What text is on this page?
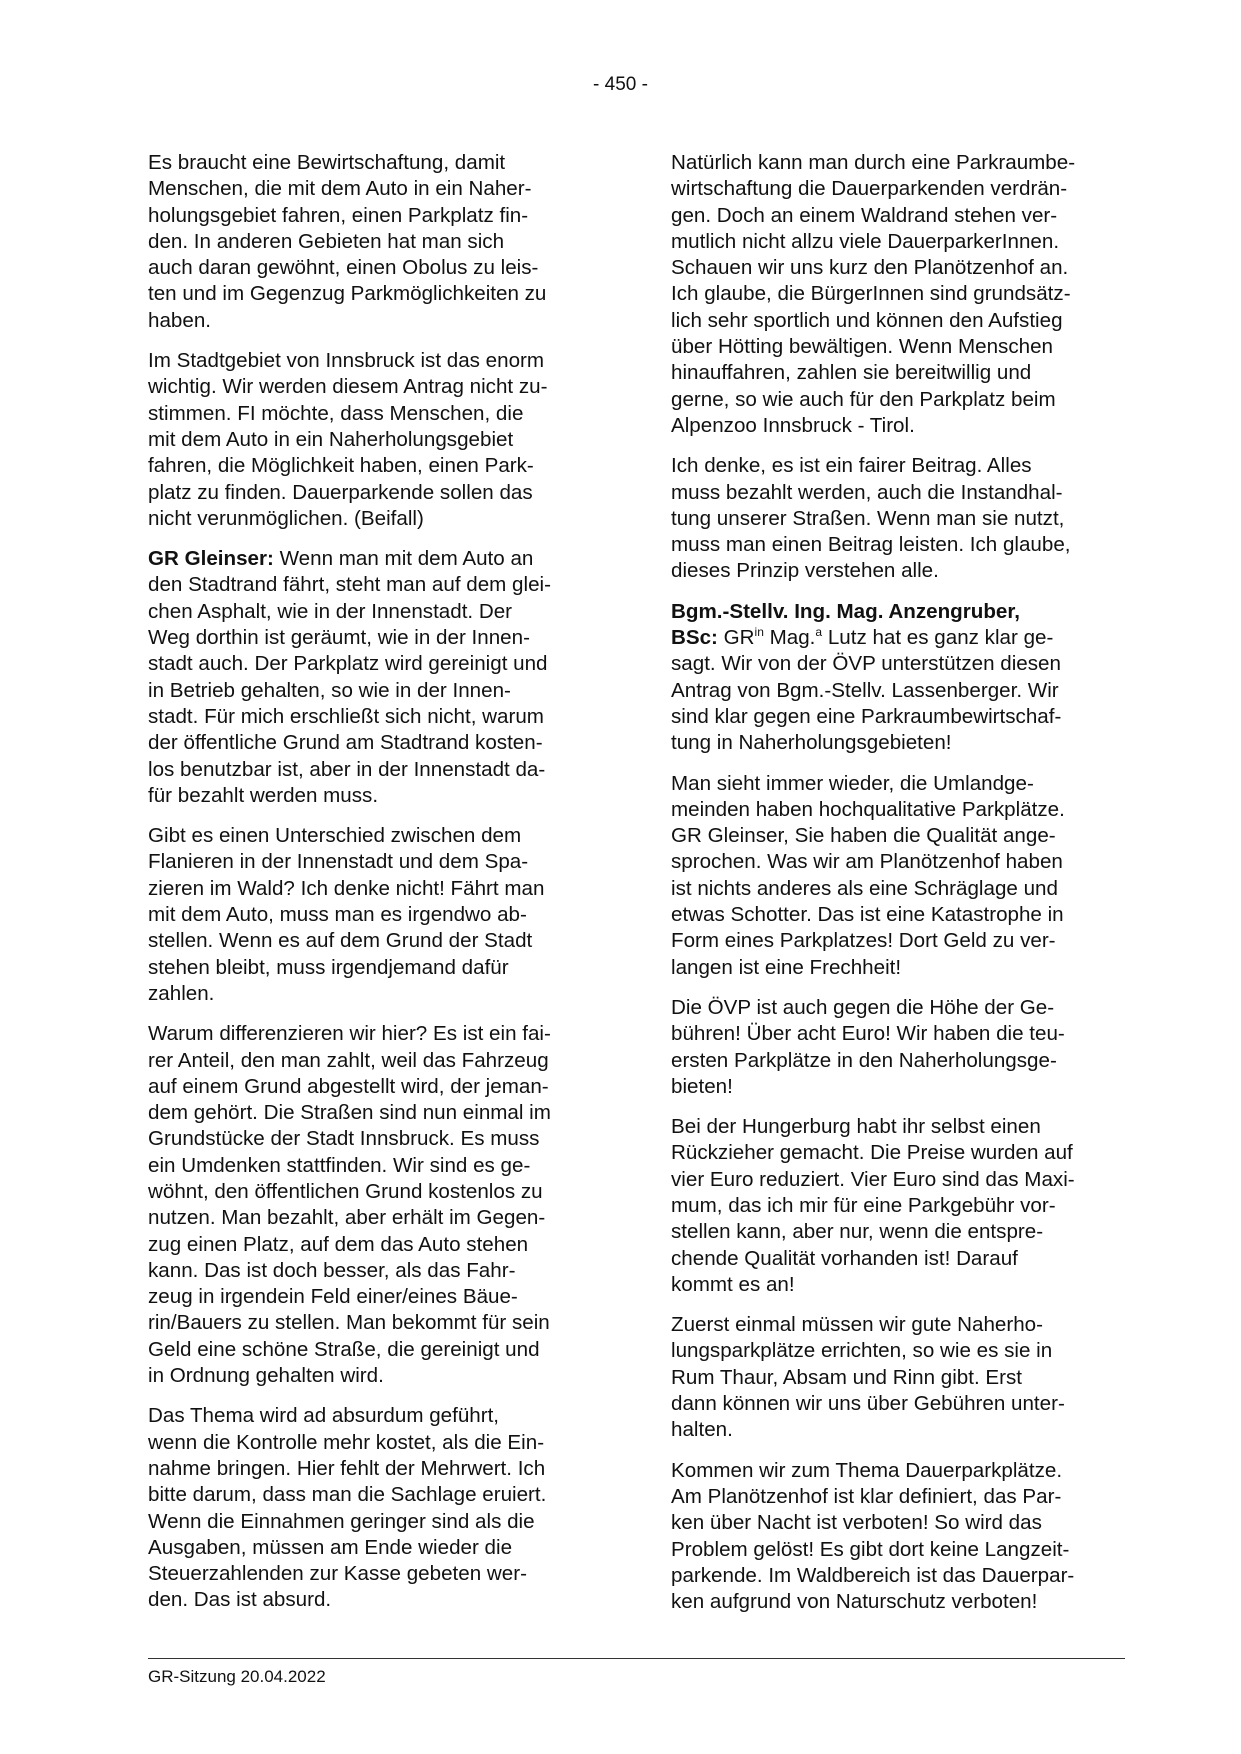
- 450 -

Es braucht eine Bewirtschaftung, damit
Menschen, die mit dem Auto in ein Naher-
holungsgebiet fahren, einen Parkplatz fin-
den. In anderen Gebieten hat man sich
auch daran gewöhnt, einen Obolus zu leis-
ten und im Gegenzug Parkmöglichkeiten zu
haben.

Im Stadtgebiet von Innsbruck ist das enorm
wichtig. Wir werden diesem Antrag nicht zu-
stimmen. FI möchte, dass Menschen, die
mit dem Auto in ein Naherholungsgebiet
fahren, die Möglichkeit haben, einen Park-
platz zu finden. Dauerparkende sollen das
nicht verunmöglichen. (Beifall)

GR Gleinser: Wenn man mit dem Auto an
den Stadtrand fährt, steht man auf dem glei-
chen Asphalt, wie in der Innenstadt. Der
Weg dorthin ist geräumt, wie in der Innen-
stadt auch. Der Parkplatz wird gereinigt und
in Betrieb gehalten, so wie in der Innen-
stadt. Für mich erschließt sich nicht, warum
der öffentliche Grund am Stadtrand kosten-
los benutzbar ist, aber in der Innenstadt da-
für bezahlt werden muss.

Gibt es einen Unterschied zwischen dem
Flanieren in der Innenstadt und dem Spa-
zieren im Wald? Ich denke nicht! Fährt man
mit dem Auto, muss man es irgendwo ab-
stellen. Wenn es auf dem Grund der Stadt
stehen bleibt, muss irgendjemand dafür
zahlen.

Warum differenzieren wir hier? Es ist ein fai-
rer Anteil, den man zahlt, weil das Fahrzeug
auf einem Grund abgestellt wird, der jeman-
dem gehört. Die Straßen sind nun einmal im
Grundstücke der Stadt Innsbruck. Es muss
ein Umdenken stattfinden. Wir sind es ge-
wöhnt, den öffentlichen Grund kostenlos zu
nutzen. Man bezahlt, aber erhält im Gegen-
zug einen Platz, auf dem das Auto stehen
kann. Das ist doch besser, als das Fahr-
zeug in irgendein Feld einer/eines Bäue-
rin/Bauers zu stellen. Man bekommt für sein
Geld eine schöne Straße, die gereinigt und
in Ordnung gehalten wird.

Das Thema wird ad absurdum geführt,
wenn die Kontrolle mehr kostet, als die Ein-
nahme bringen. Hier fehlt der Mehrwert. Ich
bitte darum, dass man die Sachlage eruiert.
Wenn die Einnahmen geringer sind als die
Ausgaben, müssen am Ende wieder die
Steuerzahlenden zur Kasse gebeten wer-
den. Das ist absurd.

Natürlich kann man durch eine Parkraumbe-
wirtschaftung die Dauerparkenden verdrän-
gen. Doch an einem Waldrand stehen ver-
mutlich nicht allzu viele DauerparkerInnen.
Schauen wir uns kurz den Planötzenhof an.
Ich glaube, die BürgerInnen sind grundsätz-
lich sehr sportlich und können den Aufstieg
über Hötting bewältigen. Wenn Menschen
hinauffahren, zahlen sie bereitwillig und
gerne, so wie auch für den Parkplatz beim
Alpenzoo Innsbruck - Tirol.

Ich denke, es ist ein fairer Beitrag. Alles
muss bezahlt werden, auch die Instandhal-
tung unserer Straßen. Wenn man sie nutzt,
muss man einen Beitrag leisten. Ich glaube,
dieses Prinzip verstehen alle.

Bgm.-Stellv. Ing. Mag. Anzengruber,
BSc: $GR^{in}$ Mag.$^a$ Lutz hat es ganz klar ge-
sagt. Wir von der ÖVP unterstützen diesen
Antrag von Bgm.-Stellv. Lassenberger. Wir
sind klar gegen eine Parkraumbewirtschaf-
tung in Naherholungsgebieten!

Man sieht immer wieder, die Umlandge-
meinden haben hochqualitative Parkplätze.
GR Gleinser, Sie haben die Qualität ange-
sprochen. Was wir am Planötzenhof haben
ist nichts anderes als eine Schräglage und
etwas Schotter. Das ist eine Katastrophe in
Form eines Parkplatzes! Dort Geld zu ver-
langen ist eine Frechheit!

Die ÖVP ist auch gegen die Höhe der Ge-
bühren! Über acht Euro! Wir haben die teu-
ersten Parkplätze in den Naherholungsge-
bieten!

Bei der Hungerburg habt ihr selbst einen
Rückzieher gemacht. Die Preise wurden auf
vier Euro reduziert. Vier Euro sind das Maxi-
mum, das ich mir für eine Parkgebühr vor-
stellen kann, aber nur, wenn die entspre-
chende Qualität vorhanden ist! Darauf
kommt es an!

Zuerst einmal müssen wir gute Naherho-
lungsparkplätze errichten, so wie es sie in
Rum Thaur, Absam und Rinn gibt. Erst
dann können wir uns über Gebühren unter-
halten.

Kommen wir zum Thema Dauerparkplätze.
Am Planötzenhof ist klar definiert, das Par-
ken über Nacht ist verboten! So wird das
Problem gelöst! Es gibt dort keine Langzeit-
parkende. Im Waldbereich ist das Dauerpar-
ken aufgrund von Naturschutz verboten!

GR-Sitzung 20.04.2022
